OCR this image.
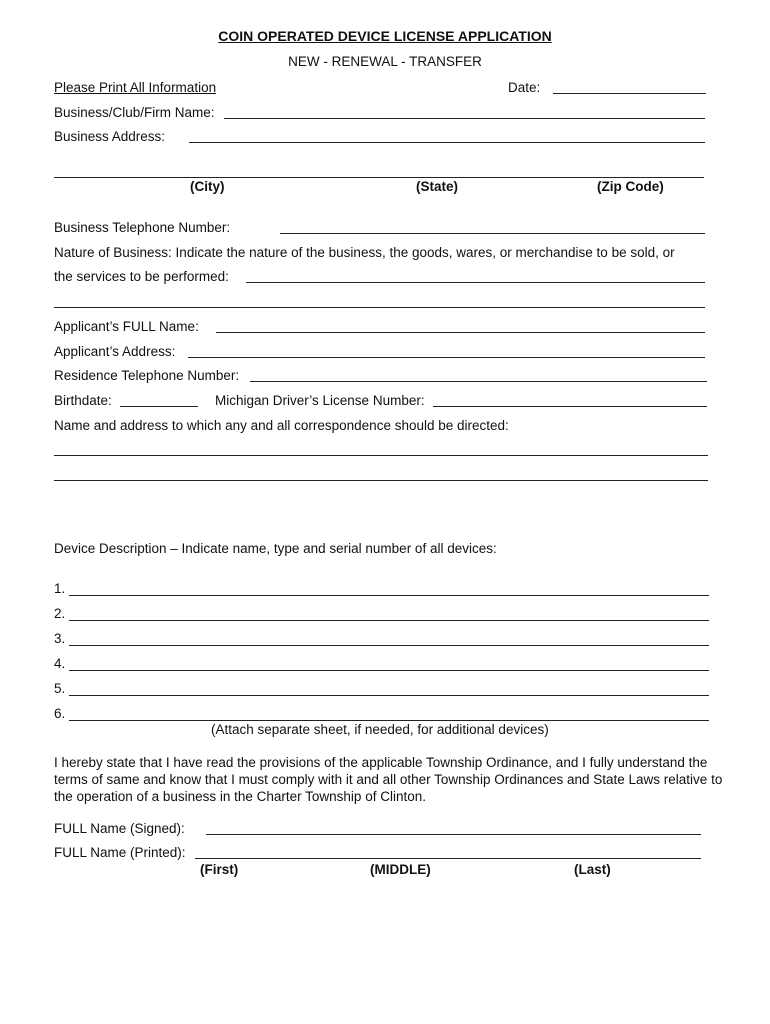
COIN OPERATED DEVICE LICENSE APPLICATION
NEW - RENEWAL - TRANSFER
Please Print All Information	Date:
Business/Club/Firm Name:
Business Address:
(City)	(State)	(Zip Code)
Business Telephone Number:
Nature of Business: Indicate the nature of the business, the goods, wares, or merchandise to be sold, or
the services to be performed:
Applicant’s FULL Name:
Applicant’s Address:
Residence Telephone Number:
Birthdate:	Michigan Driver’s License Number:
Name and address to which any and all correspondence should be directed:
Device Description – Indicate name, type and serial number of all devices:
1.
2.
3.
4.
5.
6.
(Attach separate sheet, if needed, for additional devices)
I hereby state that I have read the provisions of the applicable Township Ordinance, and I fully understand the terms of same and know that I must comply with it and all other Township Ordinances and State Laws relative to the operation of a business in the Charter Township of Clinton.
FULL Name (Signed):
FULL Name (Printed):
(First)	(MIDDLE)	(Last)
